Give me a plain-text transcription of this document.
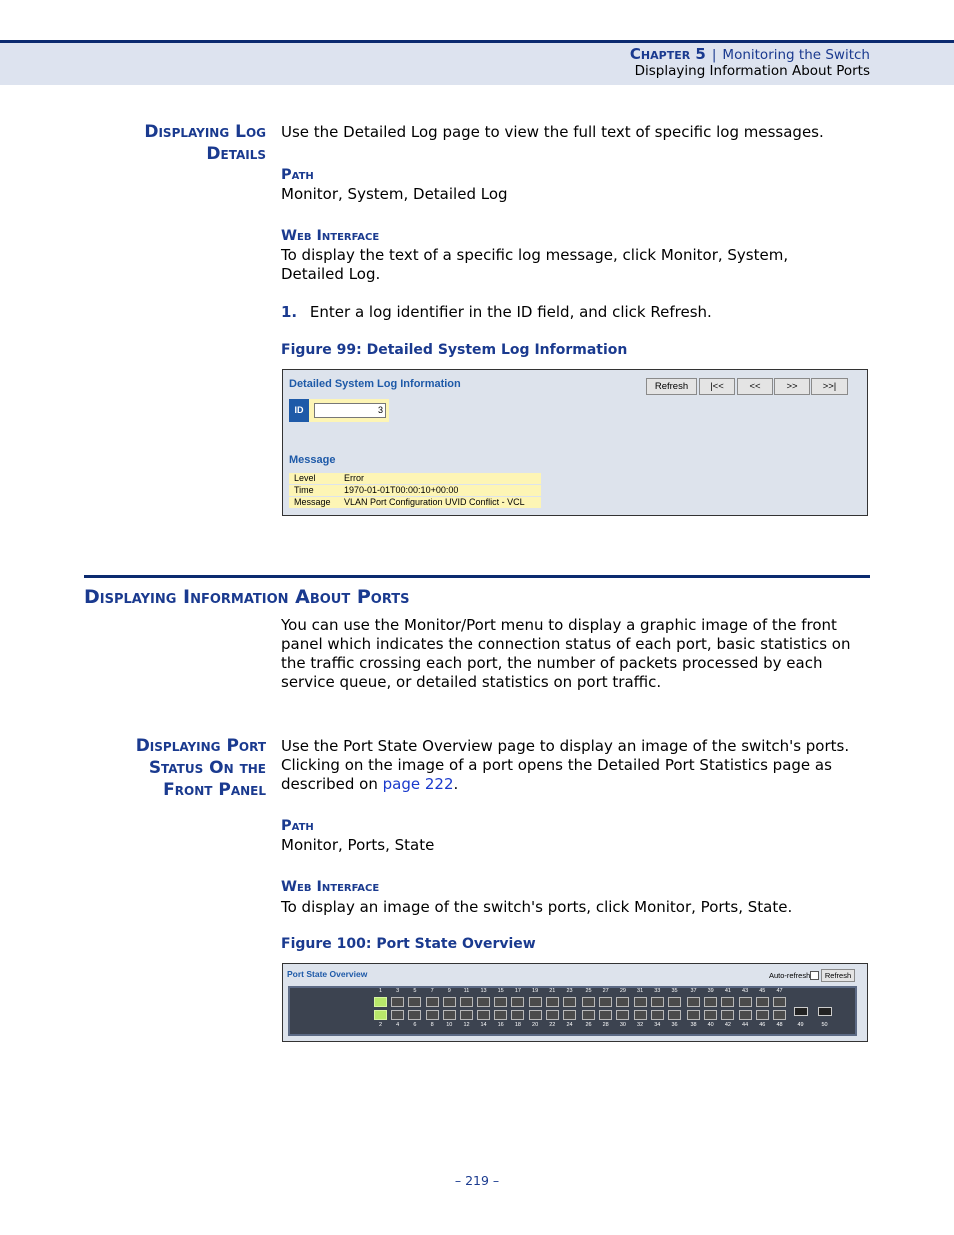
Chapter 5 | Monitoring the Switch
Displaying Information About Ports
Displaying Log
Details
Use the Detailed Log page to view the full text of specific log messages.
Path
Monitor, System, Detailed Log
Web Interface
To display the text of a specific log message, click Monitor, System, Detailed Log.
1. Enter a log identifier in the ID field, and click Refresh.
Figure 99: Detailed System Log Information
Detailed System Log Information	Refresh	|<<	<<	>>	>>|
ID	3
Message
Level	Error
Time	1970-01-01T00:00:10+00:00
Message VLAN Port Configuration UVID Conflict - VCL
Displaying Information About Ports
You can use the Monitor/Port menu to display a graphic image of the front panel which indicates the connection status of each port, basic statistics on the traffic crossing each port, the number of packets processed by each service queue, or detailed statistics on port traffic.
Displaying Port
Status On the
Front Panel
Use the Port State Overview page to display an image of the switch's ports. Clicking on the image of a port opens the Detailed Port Statistics page as described on page 222.
Path
Monitor, Ports, State
Web Interface
To display an image of the switch's ports, click Monitor, Ports, State.
Figure 100: Port State Overview
Port State Overview	Auto-refresh	Refresh
1	3	5	7	9	11	13	15	17	19	21	23	25	27	29	31	33	35	37	39	41	43	45	47
2	4	6	8	10	12	14	16	18	20	22	24	26	28	30	32	34	36	38	40	42	44	46	48	49	50
– 219 –
